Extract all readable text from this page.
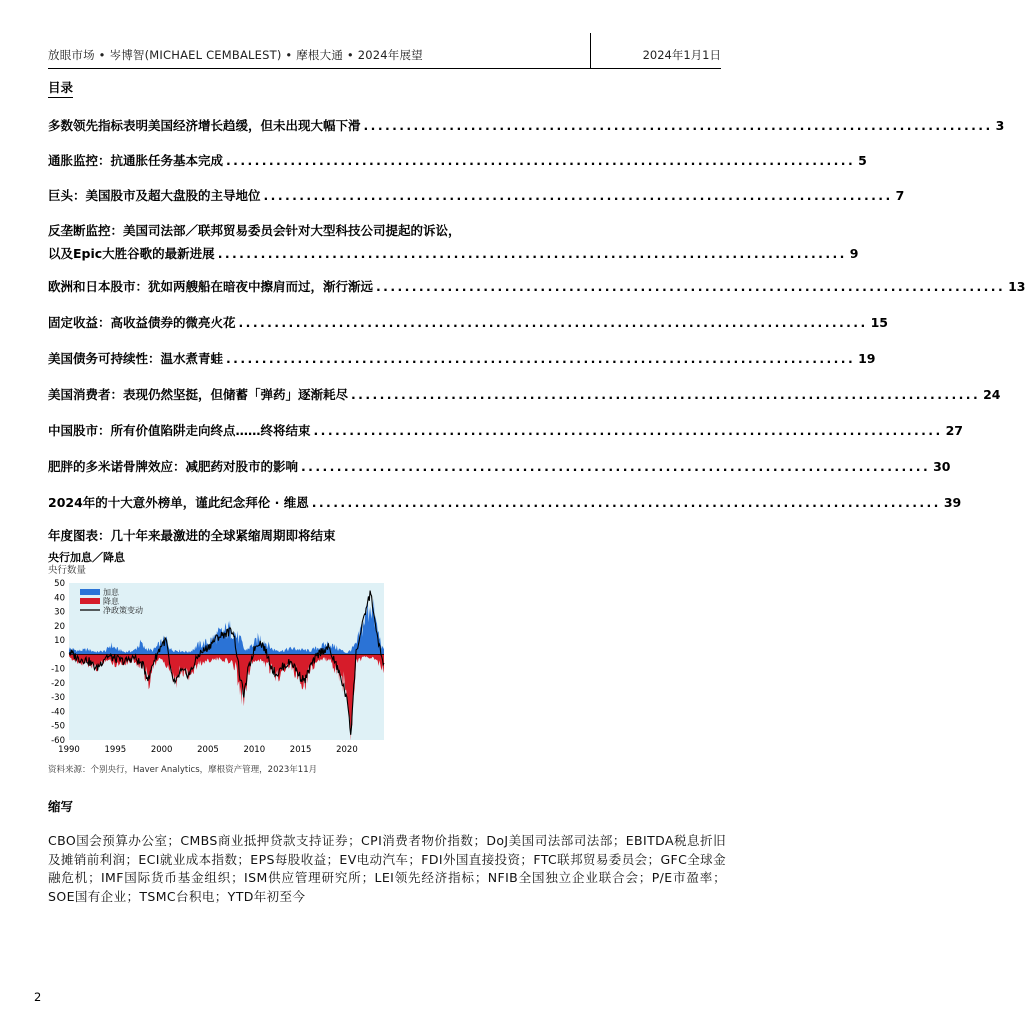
放眼市场 • 岑博智(MICHAEL CEMBALEST) • 摩根大通 • 2024年展望	2024年1月1日
目录
多数领先指标表明美国经济增长趋缓，但未出现大幅下滑 ........................................................................................ 3
通胀监控：抗通胀任务基本完成 ........................................................................................ 5
巨头：美国股市及超大盘股的主导地位 ........................................................................................ 7
反垄断监控：美国司法部／联邦贸易委员会针对大型科技公司提起的诉讼，
以及Epic大胜谷歌的最新进展 ........................................................................................ 9
欧洲和日本股市：犹如两艘船在暗夜中擦肩而过，渐行渐远 ........................................................................................ 13
固定收益：高收益债券的微亮火花 ........................................................................................ 15
美国债务可持续性：温水煮青蛙 ........................................................................................ 19
美国消费者：表现仍然坚挺，但储蓄「弹药」逐渐耗尽 ........................................................................................ 24
中国股市：所有价值陷阱走向终点……终将结束 ........................................................................................ 27
肥胖的多米诺骨牌效应：减肥药对股市的影响 ........................................................................................ 30
2024年的十大意外榜单，谨此纪念拜伦 · 维恩 ........................................................................................ 39
年度图表：几十年来最激进的全球紧缩周期即将结束
央行加息／降息
央行数量
50
40
30
20
10
0
-10
-20
-30
-40
-50
-60
1990	1995	2000	2005	2010	2015	2020
加息
降息
净政策变动
资料来源：个别央行，Haver Analytics，摩根资产管理，2023年11月
缩写
CBO国会预算办公室；CMBS商业抵押贷款支持证券；CPI消费者物价指数；DoJ美国司法部司法部；EBITDA税息折旧及摊销前利润；ECI就业成本指数；EPS每股收益；EV电动汽车；FDI外国直接投资；FTC联邦贸易委员会；GFC全球金融危机；IMF国际货币基金组织；ISM供应管理研究所；LEI领先经济指标；NFIB全国独立企业联合会；P/E市盈率；SOE国有企业；TSMC台积电；YTD年初至今
2
